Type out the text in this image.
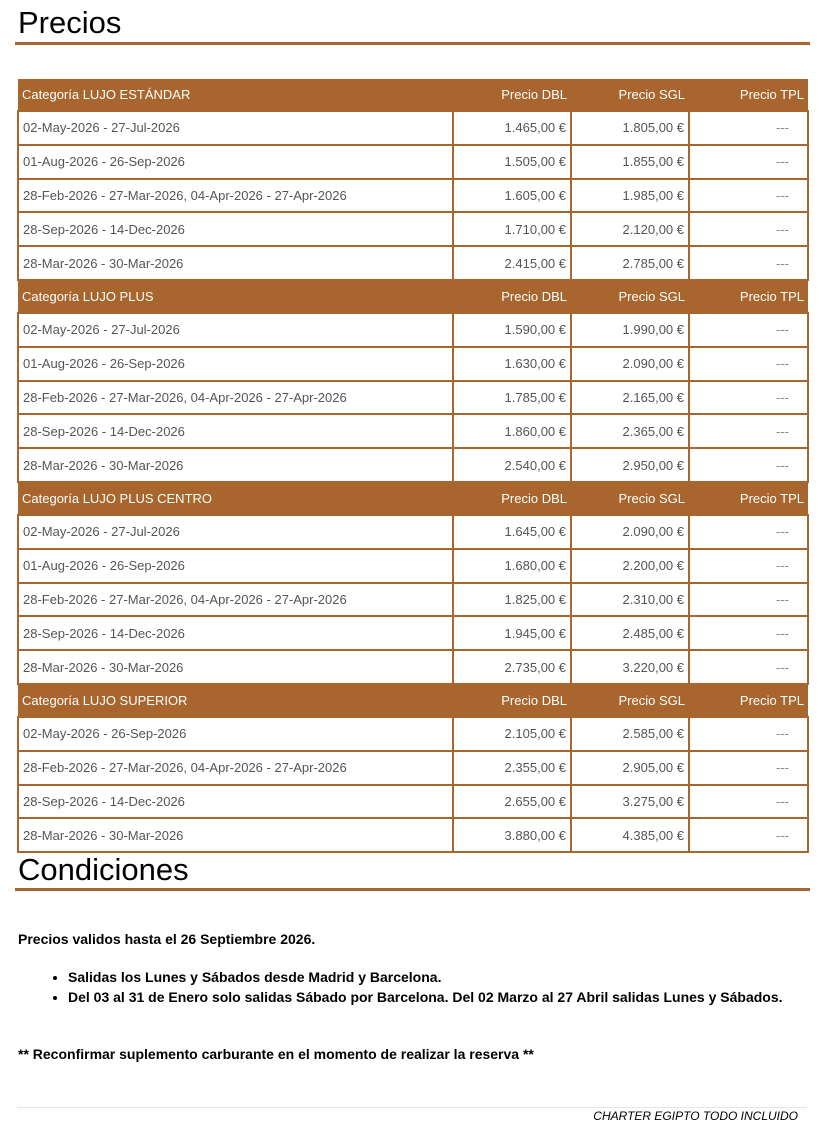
Precios
Categoría LUJO ESTÁNDAR	Precio DBL	Precio SGL	Precio TPL
02-May-2026 - 27-Jul-2026	1.465,00 €	1.805,00 €	---
01-Aug-2026 - 26-Sep-2026	1.505,00 €	1.855,00 €	---
28-Feb-2026 - 27-Mar-2026, 04-Apr-2026 - 27-Apr-2026	1.605,00 €	1.985,00 €	---
28-Sep-2026 - 14-Dec-2026	1.710,00 €	2.120,00 €	---
28-Mar-2026 - 30-Mar-2026	2.415,00 €	2.785,00 €	---
Categoría LUJO PLUS	Precio DBL	Precio SGL	Precio TPL
02-May-2026 - 27-Jul-2026	1.590,00 €	1.990,00 €	---
01-Aug-2026 - 26-Sep-2026	1.630,00 €	2.090,00 €	---
28-Feb-2026 - 27-Mar-2026, 04-Apr-2026 - 27-Apr-2026	1.785,00 €	2.165,00 €	---
28-Sep-2026 - 14-Dec-2026	1.860,00 €	2.365,00 €	---
28-Mar-2026 - 30-Mar-2026	2.540,00 €	2.950,00 €	---
Categoría LUJO PLUS CENTRO	Precio DBL	Precio SGL	Precio TPL
02-May-2026 - 27-Jul-2026	1.645,00 €	2.090,00 €	---
01-Aug-2026 - 26-Sep-2026	1.680,00 €	2.200,00 €	---
28-Feb-2026 - 27-Mar-2026, 04-Apr-2026 - 27-Apr-2026	1.825,00 €	2.310,00 €	---
28-Sep-2026 - 14-Dec-2026	1.945,00 €	2.485,00 €	---
28-Mar-2026 - 30-Mar-2026	2.735,00 €	3.220,00 €	---
Categoría LUJO SUPERIOR	Precio DBL	Precio SGL	Precio TPL
02-May-2026 - 26-Sep-2026	2.105,00 €	2.585,00 €	---
28-Feb-2026 - 27-Mar-2026, 04-Apr-2026 - 27-Apr-2026	2.355,00 €	2.905,00 €	---
28-Sep-2026 - 14-Dec-2026	2.655,00 €	3.275,00 €	---
28-Mar-2026 - 30-Mar-2026	3.880,00 €	4.385,00 €	---
Condiciones
Precios validos hasta el 26 Septiembre 2026.
• Salidas los Lunes y Sábados desde Madrid y Barcelona.
• Del 03 al 31 de Enero solo salidas Sábado por Barcelona. Del 02 Marzo al 27 Abril salidas Lunes y Sábados.
** Reconfirmar suplemento carburante en el momento de realizar la reserva **
CHARTER EGIPTO TODO INCLUIDO
